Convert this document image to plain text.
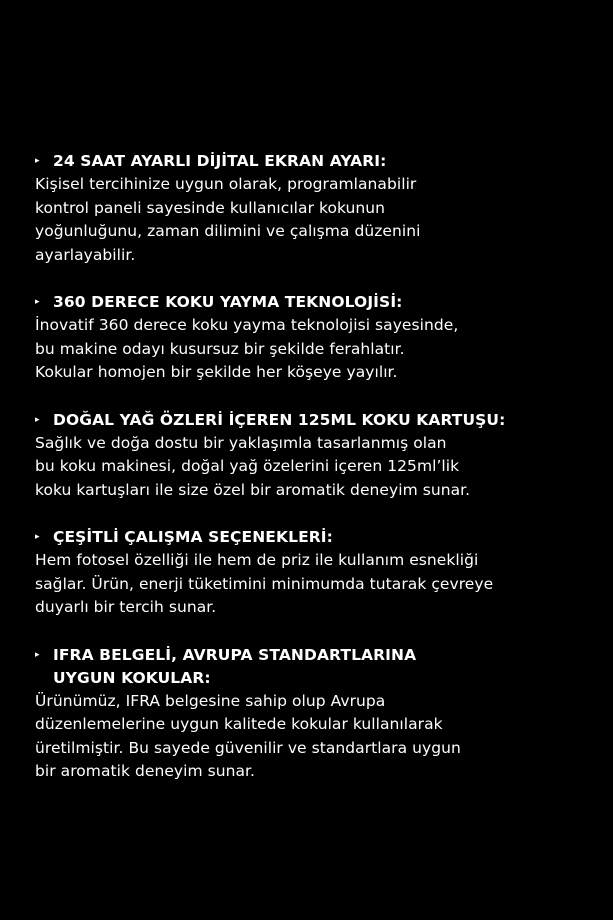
▸ 24 SAAT AYARLI DİJİTAL EKRAN AYARI:
Kişisel tercihinize uygun olarak, programlanabilir
kontrol paneli sayesinde kullanıcılar kokunun
yoğunluğunu, zaman dilimini ve çalışma düzenini
ayarlayabilir.
▸ 360 DERECE KOKU YAYMA TEKNOLOJİSİ:
İnovatif 360 derece koku yayma teknolojisi sayesinde,
bu makine odayı kusursuz bir şekilde ferahlatır.
Kokular homojen bir şekilde her köşeye yayılır.
▸ DOĞAL YAĞ ÖZLERİ İÇEREN 125ML KOKU KARTUŞU:
Sağlık ve doğa dostu bir yaklaşımla tasarlanmış olan
bu koku makinesi, doğal yağ özelerini içeren 125ml’lik
koku kartuşları ile size özel bir aromatik deneyim sunar.
▸ ÇEŞİTLİ ÇALIŞMA SEÇENEKLERİ:
Hem fotosel özelliği ile hem de priz ile kullanım esnekliği
sağlar. Ürün, enerji tüketimini minimumda tutarak çevreye
duyarlı bir tercih sunar.
▸ IFRA BELGELİ, AVRUPA STANDARTLARINA
UYGUN KOKULAR:
Ürünümüz, IFRA belgesine sahip olup Avrupa
düzenlemelerine uygun kalitede kokular kullanılarak
üretilmiştir. Bu sayede güvenilir ve standartlara uygun
bir aromatik deneyim sunar.
